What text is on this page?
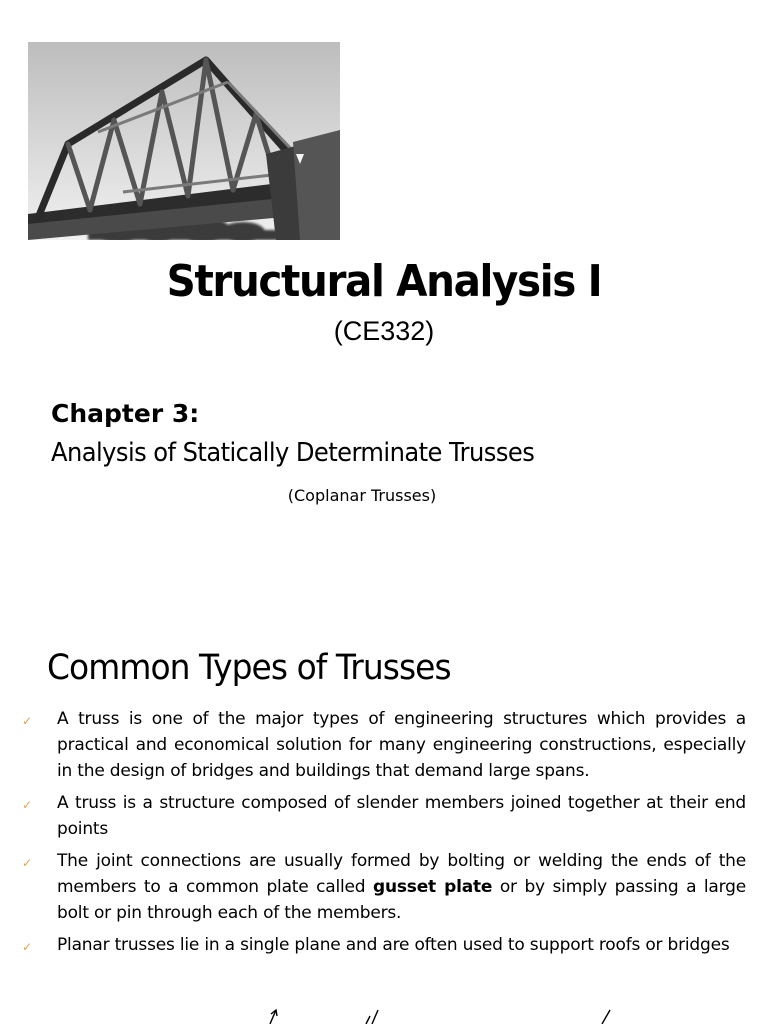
Structural Analysis I
(CE332)
Chapter 3:
Analysis of Statically Determinate Trusses
(Coplanar Trusses)
Common Types of Trusses
✓ A truss is one of the major types of engineering structures which provides a practical and economical solution for many engineering constructions, especially in the design of bridges and buildings that demand large spans.
✓ A truss is a structure composed of slender members joined together at their end points
✓ The joint connections are usually formed by bolting or welding the ends of the members to a common plate called gusset plate or by simply passing a large bolt or pin through each of the members.
✓ Planar trusses lie in a single plane and are often used to support roofs or bridges
